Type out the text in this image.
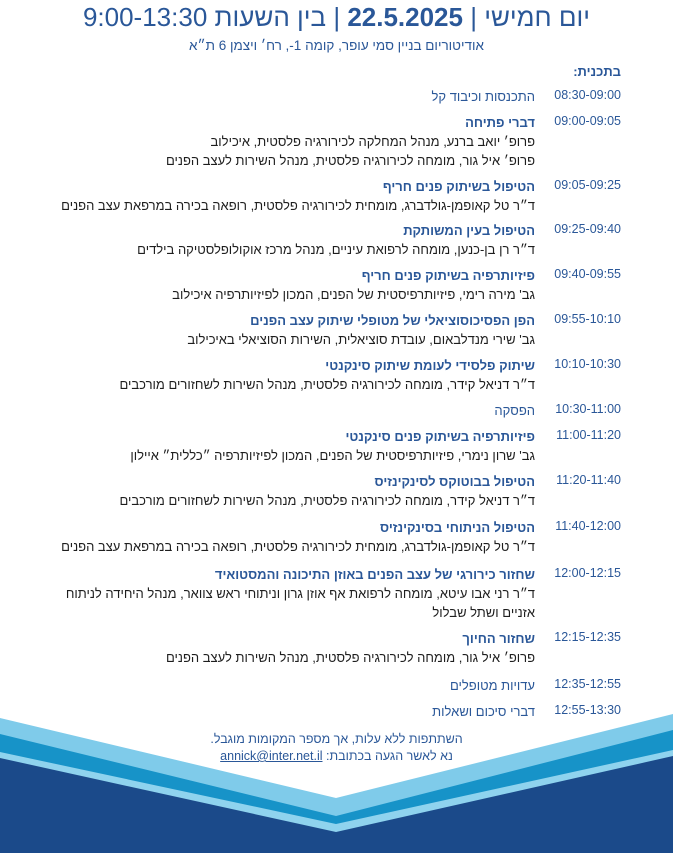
יום חמישי | 22.5.2025 | בין השעות 9:00-13:30
אודיטוריום בניין סמי עופר, קומה 1-, רח׳ ויצמן 6 ת״א
בתכנית:
08:30-09:00
התכנסות וכיבוד קל
09:00-09:05
דברי פתיחה
פרופ׳ יואב ברנע, מנהל המחלקה לכירורגיה פלסטית, איכילוב
פרופ׳ איל גור, מומחה לכירורגיה פלסטית, מנהל השירות לעצב הפנים
09:05-09:25
הטיפול בשיתוק פנים חריף
ד״ר טל קאופמן-גולדברג, מומחית לכירורגיה פלסטית, רופאה בכירה במרפאת עצב הפנים
09:25-09:40
הטיפול בעין המשותקת
ד״ר רן בן-כנען, מומחה לרפואת עיניים, מנהל מרכז אוקולופלסטיקה בילדים
09:40-09:55
פיזיותרפיה בשיתוק פנים חריף
גב' מירה רימי, פיזיותרפיסטית של הפנים, המכון לפיזיותרפיה איכילוב
09:55-10:10
הפן הפסיכוסוציאלי של מטופלי שיתוק עצב הפנים
גב' שירי מנדלבאום, עובדת סוציאלית, השירות הסוציאלי באיכילוב
10:10-10:30
שיתוק פלסידי לעומת שיתוק סינקנטי
ד״ר דניאל קידר, מומחה לכירורגיה פלסטית, מנהל השירות לשחזורים מורכבים
10:30-11:00
הפסקה
11:00-11:20
פיזיותרפיה בשיתוק פנים סינקנטי
גב' שרון נימרי, פיזיותרפיסטית של הפנים, המכון לפיזיותרפיה ״כללית״ איילון
11:20-11:40
הטיפול בבוטוקס לסינקינזיס
ד״ר דניאל קידר, מומחה לכירורגיה פלסטית, מנהל השירות לשחזורים מורכבים
11:40-12:00
הטיפול הניתוחי בסינקינזיס
ד״ר טל קאופמן-גולדברג, מומחית לכירורגיה פלסטית, רופאה בכירה במרפאת עצב הפנים
12:00-12:15
שחזור כירורגי של עצב הפנים באוזן התיכונה והמסטואיד
ד״ר רני אבו עיטא, מומחה לרפואת אף אוזן גרון וניתוחי ראש צוואר, מנהל היחידה לניתוח אזניים ושתל שבלול
12:15-12:35
שחזור החיוך
פרופ׳ איל גור, מומחה לכירורגיה פלסטית, מנהל השירות לעצב הפנים
12:35-12:55
עדויות מטופלים
12:55-13:30
דברי סיכום ושאלות
השתתפות ללא עלות, אך מספר המקומות מוגבל.
נא לאשר הגעה בכתובת: annick@inter.net.il
